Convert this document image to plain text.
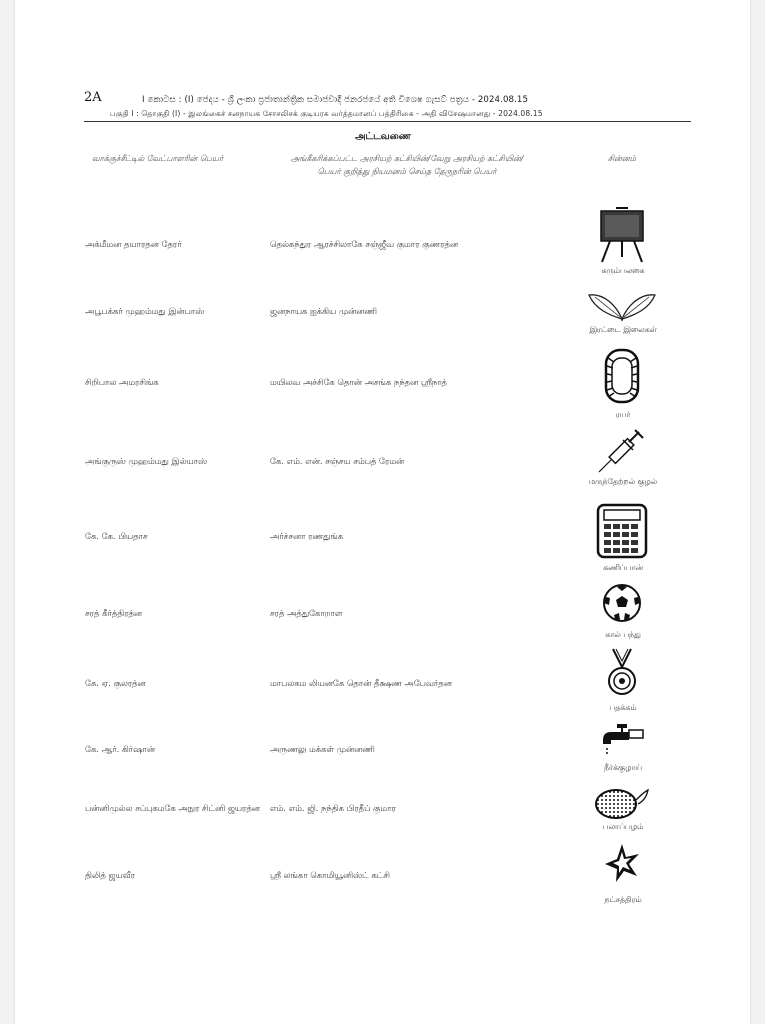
2A	I කොටස : (I) ජෙදය - ශ්‍රී ලංකා ප්‍රජාතාන්ත්‍රික සමාජවාදී ජනරජයේ අති විශෙෂ ගැසට් පත්‍රය - 2024.08.15
பகுதி I : தொகுதி (I) - இலங்கைச் சனநாயக சோசலிசக் குடியரசு வர்த்தமானப் பத்திரிகை - அதி விசேஷமானது - 2024.08.15
அட்டவணை
வாக்குச்சீட்டில் வேட்பாளரின் பெயர்	அங்கீகரிக்கப்பட்ட அரசியற் கட்சியின்/வேறு அரசியற் கட்சியின்/பெயர் குறித்து நியமனம் செய்த தேருநரின் பெயர்
சின்னம்
அக்மீமன தயாரதன தேரர்	தெல்கந்துர ஆரச்சிலாகே சஞ்ஜீவ குமார குணரத்ன
கரும்பலகை
அபூபக்கர் முஹம்மது இன்பாஸ்	ஜனநாயக ஐக்கிய முன்னணி
இரட்டை இலைகள்
சிறிபால அமரசிங்க	மயிலவ அச்சிகே தொன் அசங்க நந்தன ஸ்ரீநாத்
ரயர்
அங்குருஸ் முஹம்மது இல்யாஸ்	கே. எம். என். சஞ்சய சம்பத் ரேமன்
மருந்தேற்றல் குழல்
கே. கே. பியதாச	அர்ச்சனா ரணதுங்க
கணிப்பான்
சரத் கீர்த்திரத்ன	சரத் அத்துகோறாள
கால் பந்து
கே. ஏ. குலரத்ன	மாபலகம லியனகே தொன் தீக்ஷண அபேவர்தன
பதக்கம்
கே. ஆர். கிர்ஷான்	அருணலு மக்கள் முன்னணி
நீர்க்குழாய்
பன்னிமுல்ல சப்புகமகே அநுர சிட்னி ஜயரத்ன	எம். எம். ஜி. நந்திக பிரதீப் குமார
பலாப்பழம்
திலித் ஜயவீர	ஸ்ரீ லங்கா கொமியூனிஸ்ட் கட்சி
நட்சத்திரம்
